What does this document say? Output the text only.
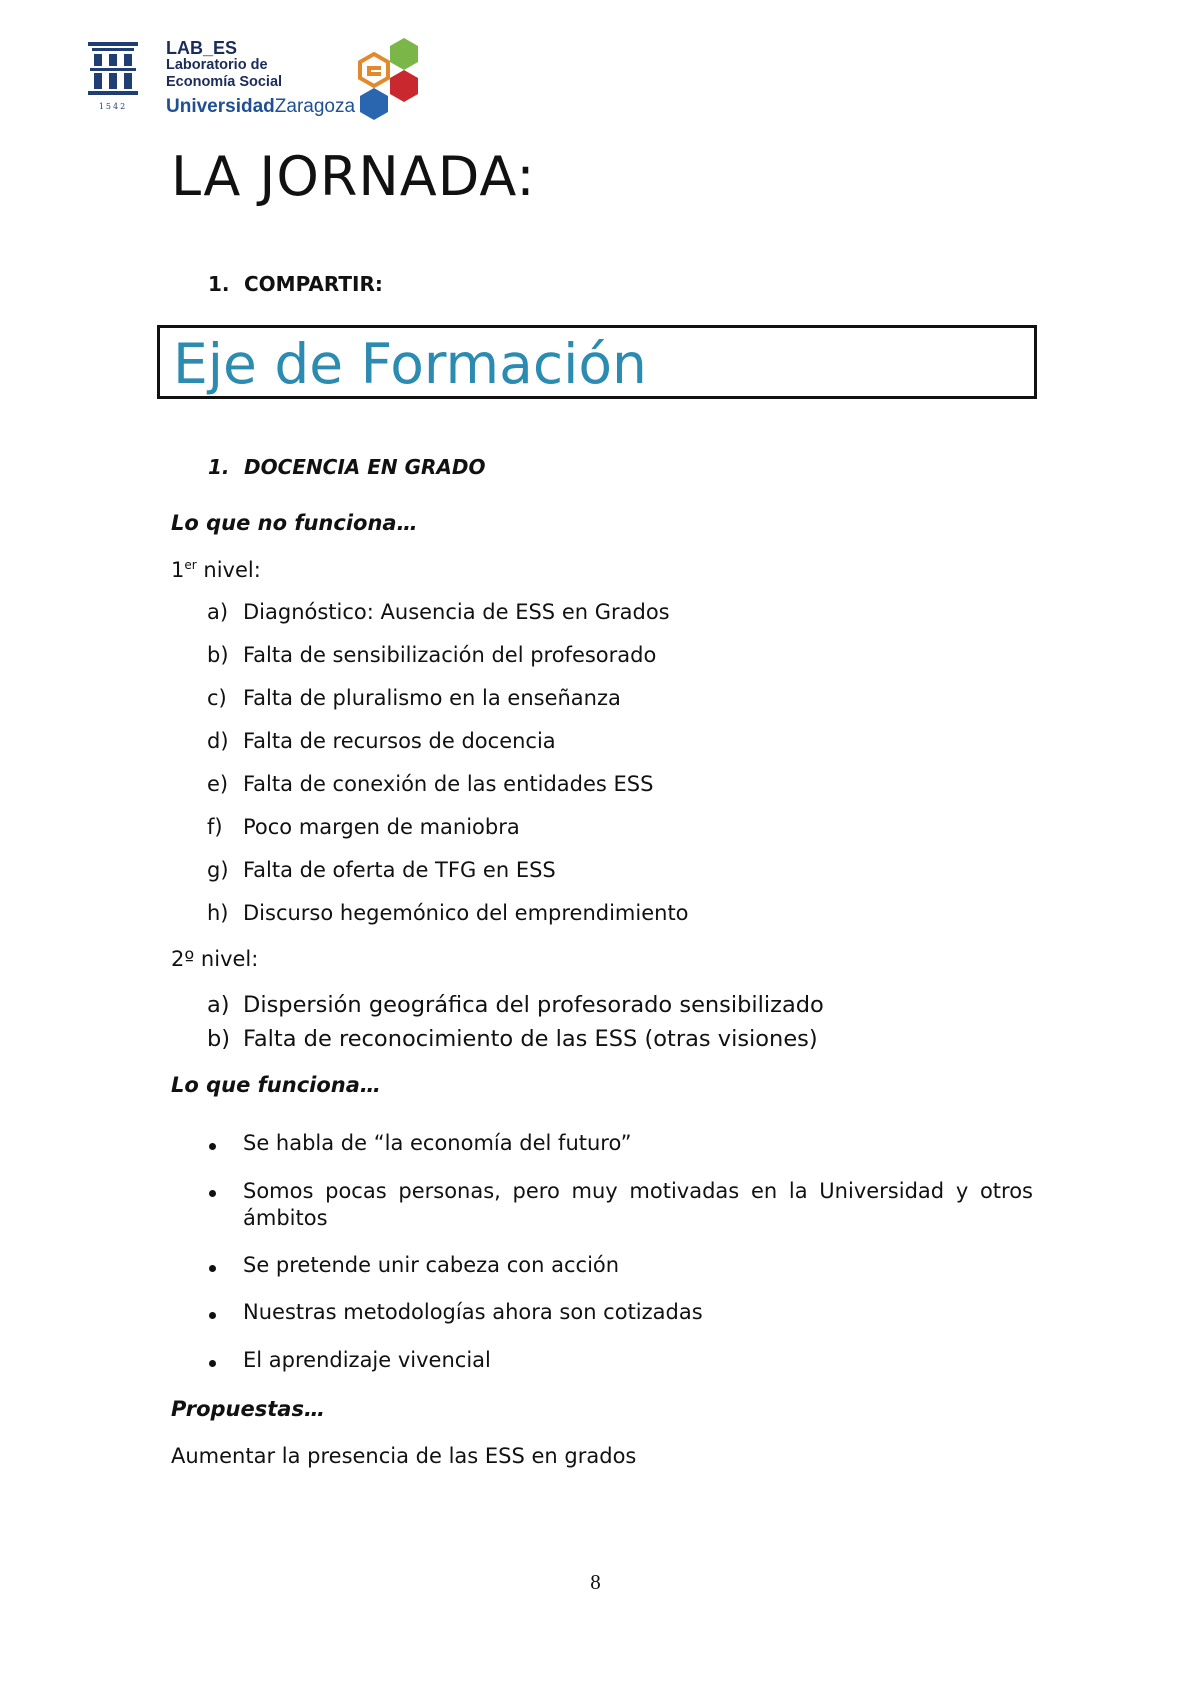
1542
LAB_ES
Laboratorio de
Economía Social
UniversidadZaragoza
LA JORNADA:
1. COMPARTIR:
Eje de Formación
1. DOCENCIA EN GRADO
Lo que no funciona…
1er nivel:
a) Diagnóstico: Ausencia de ESS en Grados
b) Falta de sensibilización del profesorado
c) Falta de pluralismo en la enseñanza
d) Falta de recursos de docencia
e) Falta de conexión de las entidades ESS
f) Poco margen de maniobra
g) Falta de oferta de TFG en ESS
h) Discurso hegemónico del emprendimiento
2º nivel:
a) Dispersión geográfica del profesorado sensibilizado
b) Falta de reconocimiento de las ESS (otras visiones)
Lo que funciona…
Se habla de “la economía del futuro”
Somos pocas personas, pero muy motivadas en la Universidad y otros ámbitos
Se pretende unir cabeza con acción
Nuestras metodologías ahora son cotizadas
El aprendizaje vivencial
Propuestas…
Aumentar la presencia de las ESS en grados
8
